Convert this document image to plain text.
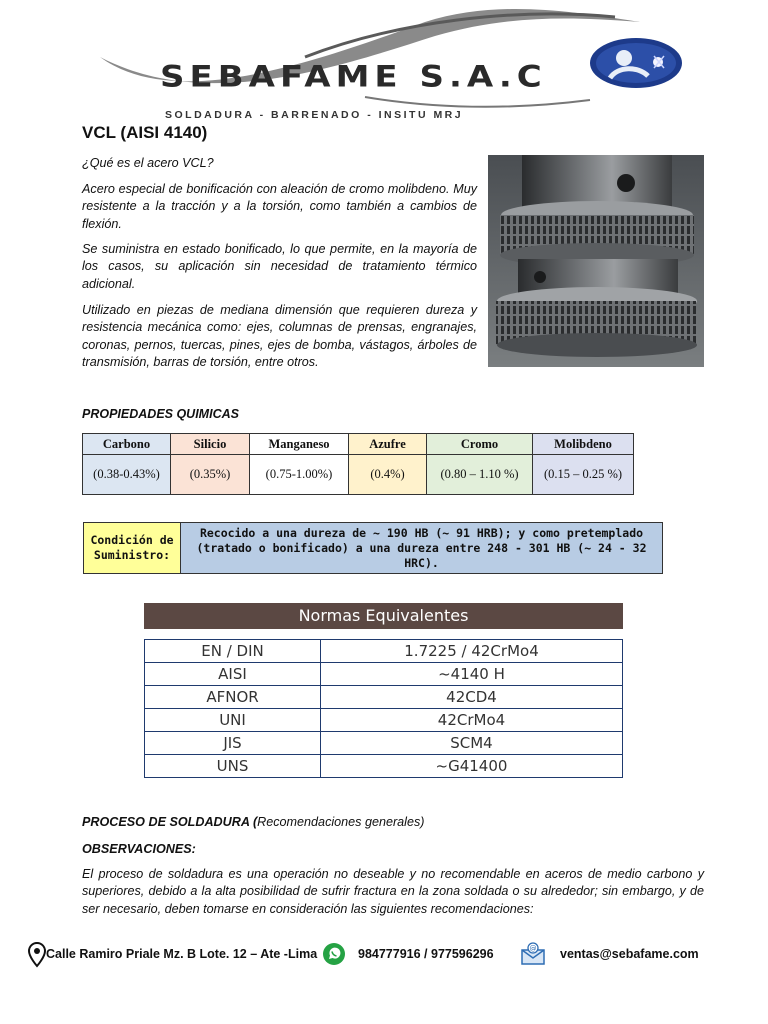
SEBAFAME S.A.C
SOLDADURA - BARRENADO - INSITU MRJ
VCL (AISI 4140)

¿Qué es el acero VCL?

Acero especial de bonificación con aleación de cromo molibdeno. Muy resistente a la tracción y a la torsión, como también a cambios de flexión.

Se suministra en estado bonificado, lo que permite, en la mayoría de los casos, su aplicación sin necesidad de tratamiento térmico adicional.

Utilizado en piezas de mediana dimensión que requieren dureza y resistencia mecánica como: ejes, columnas de prensas, engranajes, coronas, pernos, tuercas, pines, ejes de bomba, vástagos, árboles de transmisión, barras de torsión, entre otros.

PROPIEDADES QUIMICAS
Carbono	Silicio	Manganeso	Azufre	Cromo	Molibdeno
(0.38-0.43%)	(0.35%)	(0.75-1.00%)	(0.4%)	(0.80 – 1.10 %)	(0.15 – 0.25 %)
Condición de
Suministro:
	Recocido a una dureza de ~ 190 HB (~ 91 HRB); y como pretemplado (tratado o bonificado) a una dureza entre 248 - 301 HB (~ 24 - 32 HRC).
Normas Equivalentes
EN / DIN	1.7225 / 42CrMo4
AISI	~4140 H
AFNOR	42CD4
UNI	42CrMo4
JIS	SCM4
UNS	~G41400
PROCESO DE SOLDADURA (Recomendaciones generales)
OBSERVACIONES:
El proceso de soldadura es una operación no deseable y no recomendable en aceros de medio carbono y superiores, debido a la alta posibilidad de sufrir fractura en la zona soldada o su alrededor; sin embargo, y de ser necesario, deben tomarse en consideración las siguientes recomendaciones:
Calle Ramiro Priale Mz. B Lote. 12 – Ate -Lima	984777916 / 977596296	@ ventas@sebafame.com
